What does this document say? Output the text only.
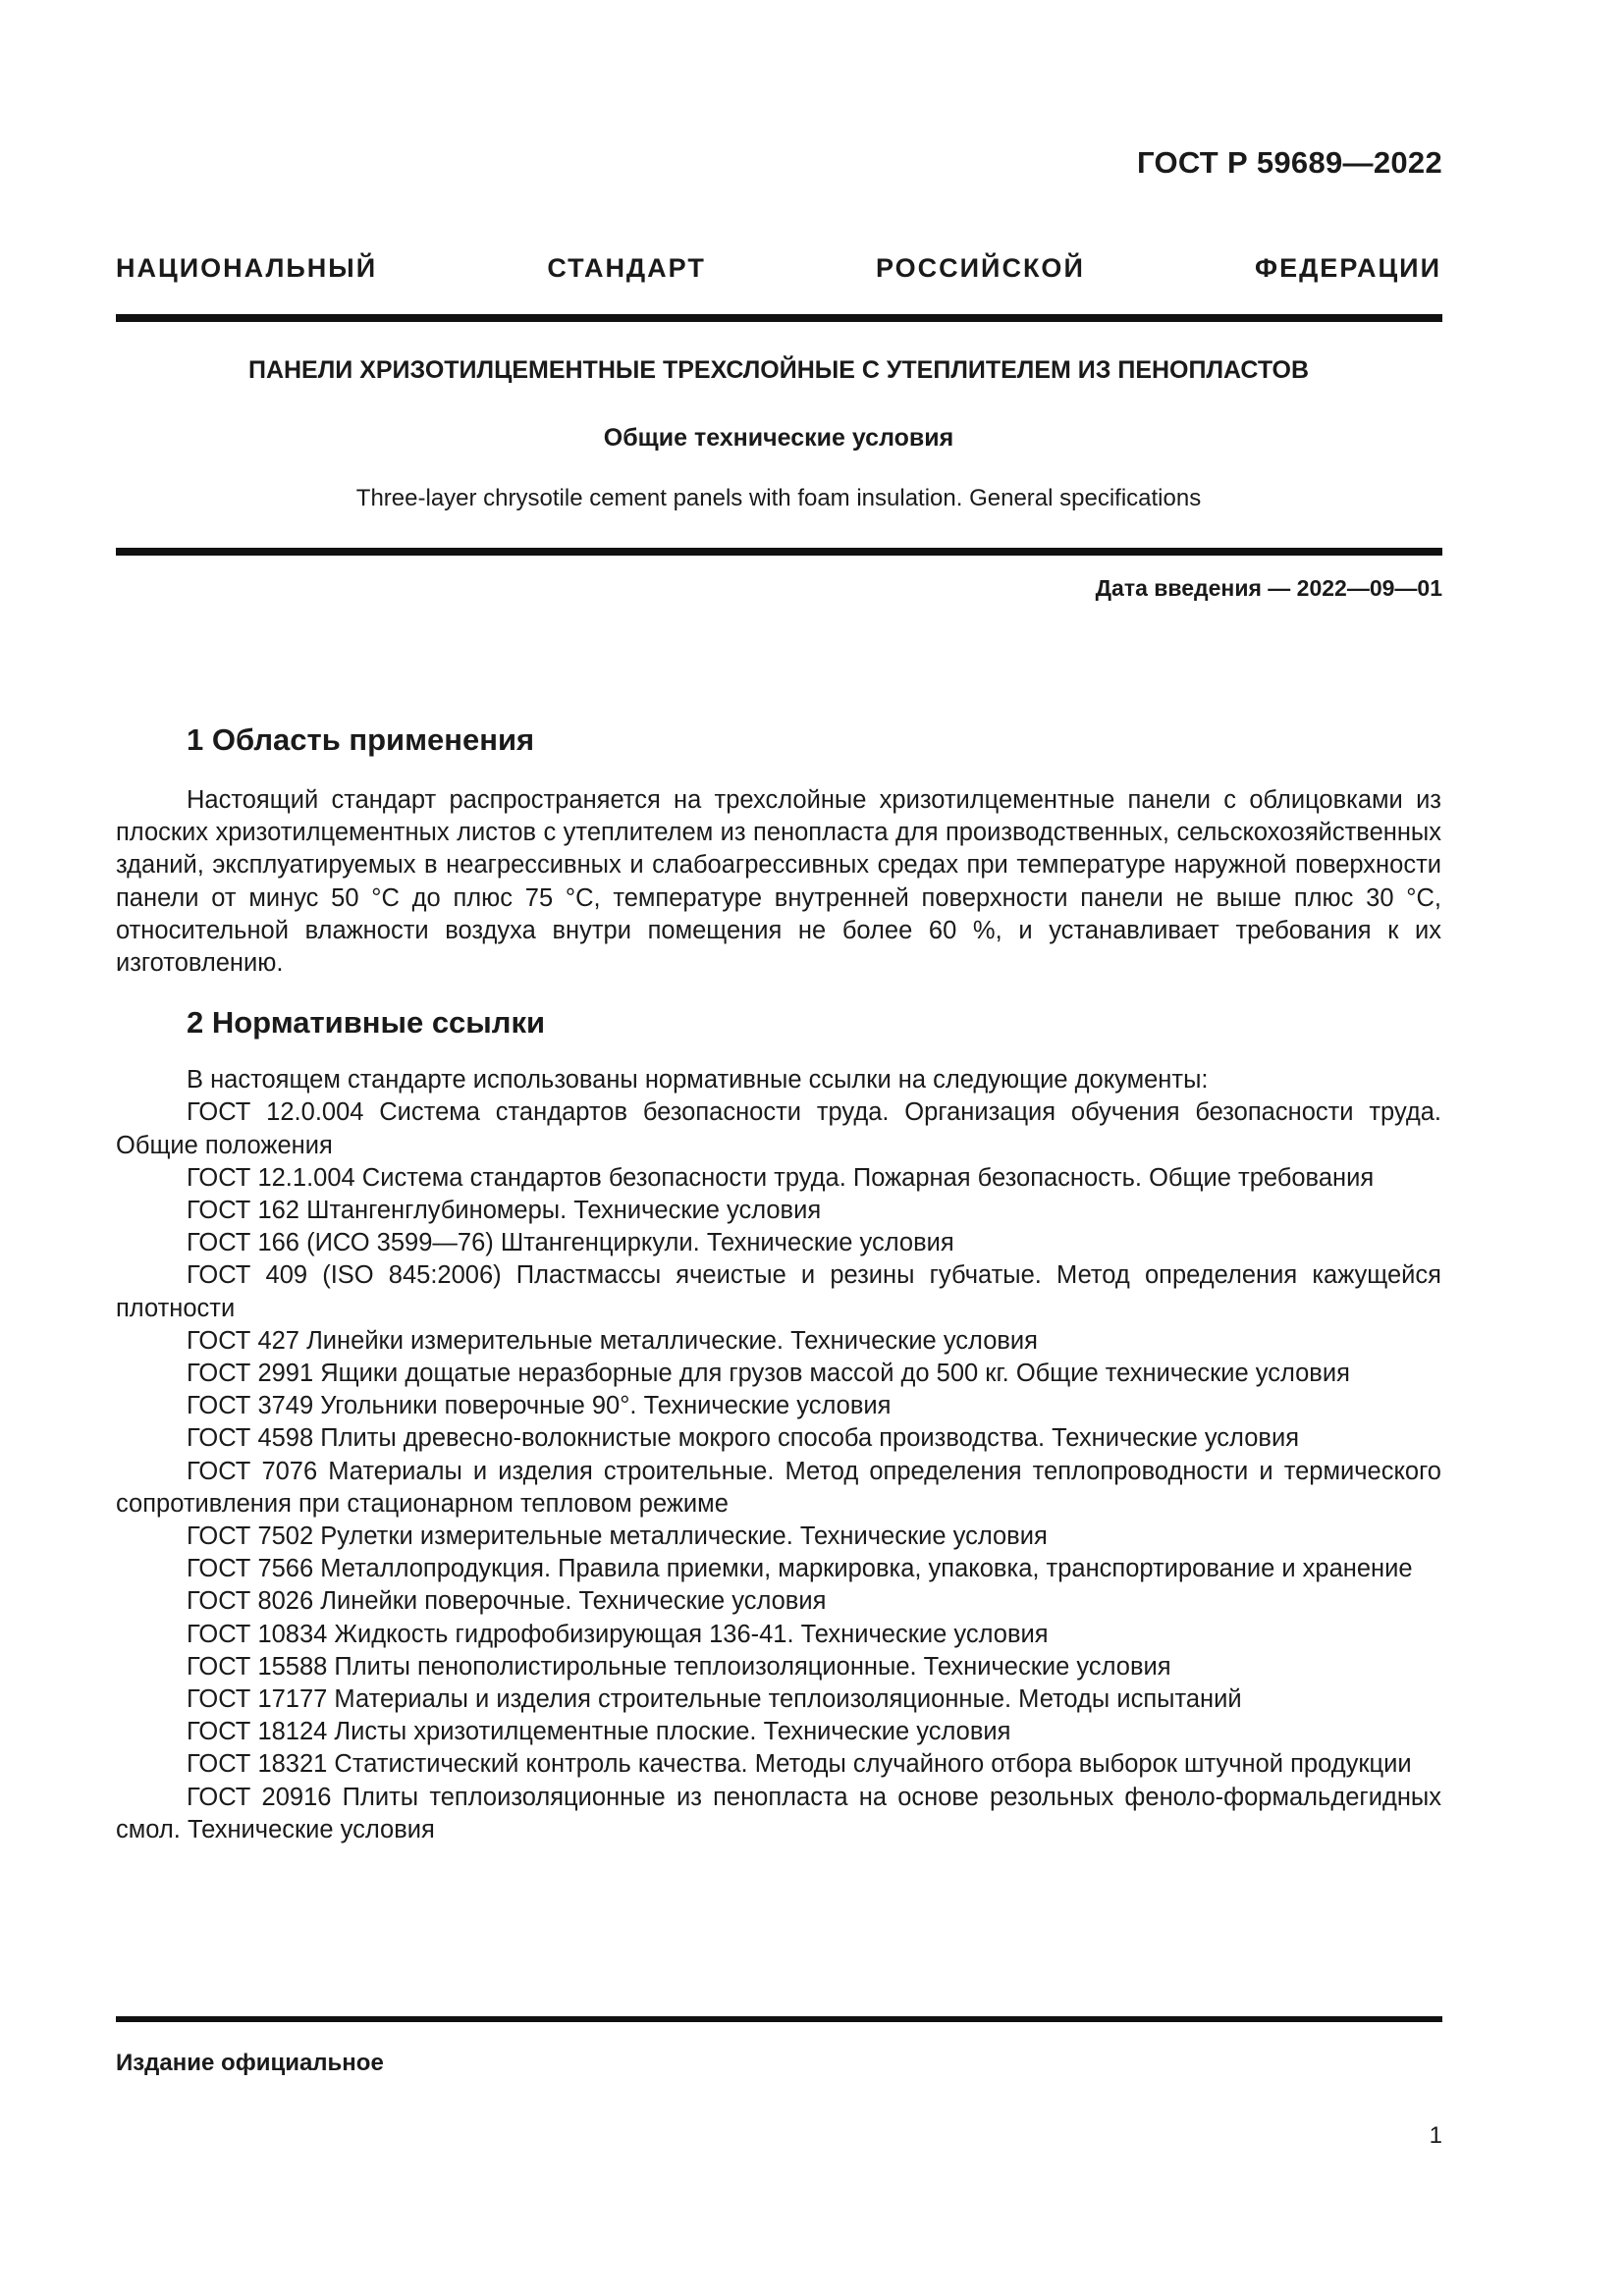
ГОСТ Р 59689—2022
НАЦИОНАЛЬНЫЙ СТАНДАРТ РОССИЙСКОЙ ФЕДЕРАЦИИ
ПАНЕЛИ ХРИЗОТИЛЦЕМЕНТНЫЕ ТРЕХСЛОЙНЫЕ С УТЕПЛИТЕЛЕМ ИЗ ПЕНОПЛАСТОВ
Общие технические условия
Three-layer chrysotile cement panels with foam insulation. General specifications
Дата введения — 2022—09—01
1 Область применения

Настоящий стандарт распространяется на трехслойные хризотилцементные панели с облицовками из плоских хризотилцементных листов с утеплителем из пенопласта для производственных, сельскохозяйственных зданий, эксплуатируемых в неагрессивных и слабоагрессивных средах при температуре наружной поверхности панели от минус 50 °C до плюс 75 °C, температуре внутренней поверхности панели не выше плюс 30 °C, относительной влажности воздуха внутри помещения не более 60 %, и устанавливает требования к их изготовлению.

2 Нормативные ссылки

В настоящем стандарте использованы нормативные ссылки на следующие документы:

ГОСТ 12.0.004 Система стандартов безопасности труда. Организация обучения безопасности труда. Общие положения

ГОСТ 12.1.004 Система стандартов безопасности труда. Пожарная безопасность. Общие требования

ГОСТ 162 Штангенглубиномеры. Технические условия

ГОСТ 166 (ИСО 3599—76) Штангенциркули. Технические условия

ГОСТ 409 (ISO 845:2006) Пластмассы ячеистые и резины губчатые. Метод определения кажущейся плотности

ГОСТ 427 Линейки измерительные металлические. Технические условия

ГОСТ 2991 Ящики дощатые неразборные для грузов массой до 500 кг. Общие технические условия

ГОСТ 3749 Угольники поверочные 90°. Технические условия

ГОСТ 4598 Плиты древесно-волокнистые мокрого способа производства. Технические условия

ГОСТ 7076 Материалы и изделия строительные. Метод определения теплопроводности и термического сопротивления при стационарном тепловом режиме

ГОСТ 7502 Рулетки измерительные металлические. Технические условия

ГОСТ 7566 Металлопродукция. Правила приемки, маркировка, упаковка, транспортирование и хранение

ГОСТ 8026 Линейки поверочные. Технические условия

ГОСТ 10834 Жидкость гидрофобизирующая 136-41. Технические условия

ГОСТ 15588 Плиты пенополистирольные теплоизоляционные. Технические условия

ГОСТ 17177 Материалы и изделия строительные теплоизоляционные. Методы испытаний

ГОСТ 18124 Листы хризотилцементные плоские. Технические условия

ГОСТ 18321 Статистический контроль качества. Методы случайного отбора выборок штучной продукции

ГОСТ 20916 Плиты теплоизоляционные из пенопласта на основе резольных феноло-формальдегидных смол. Технические условия

Издание официальное
1
